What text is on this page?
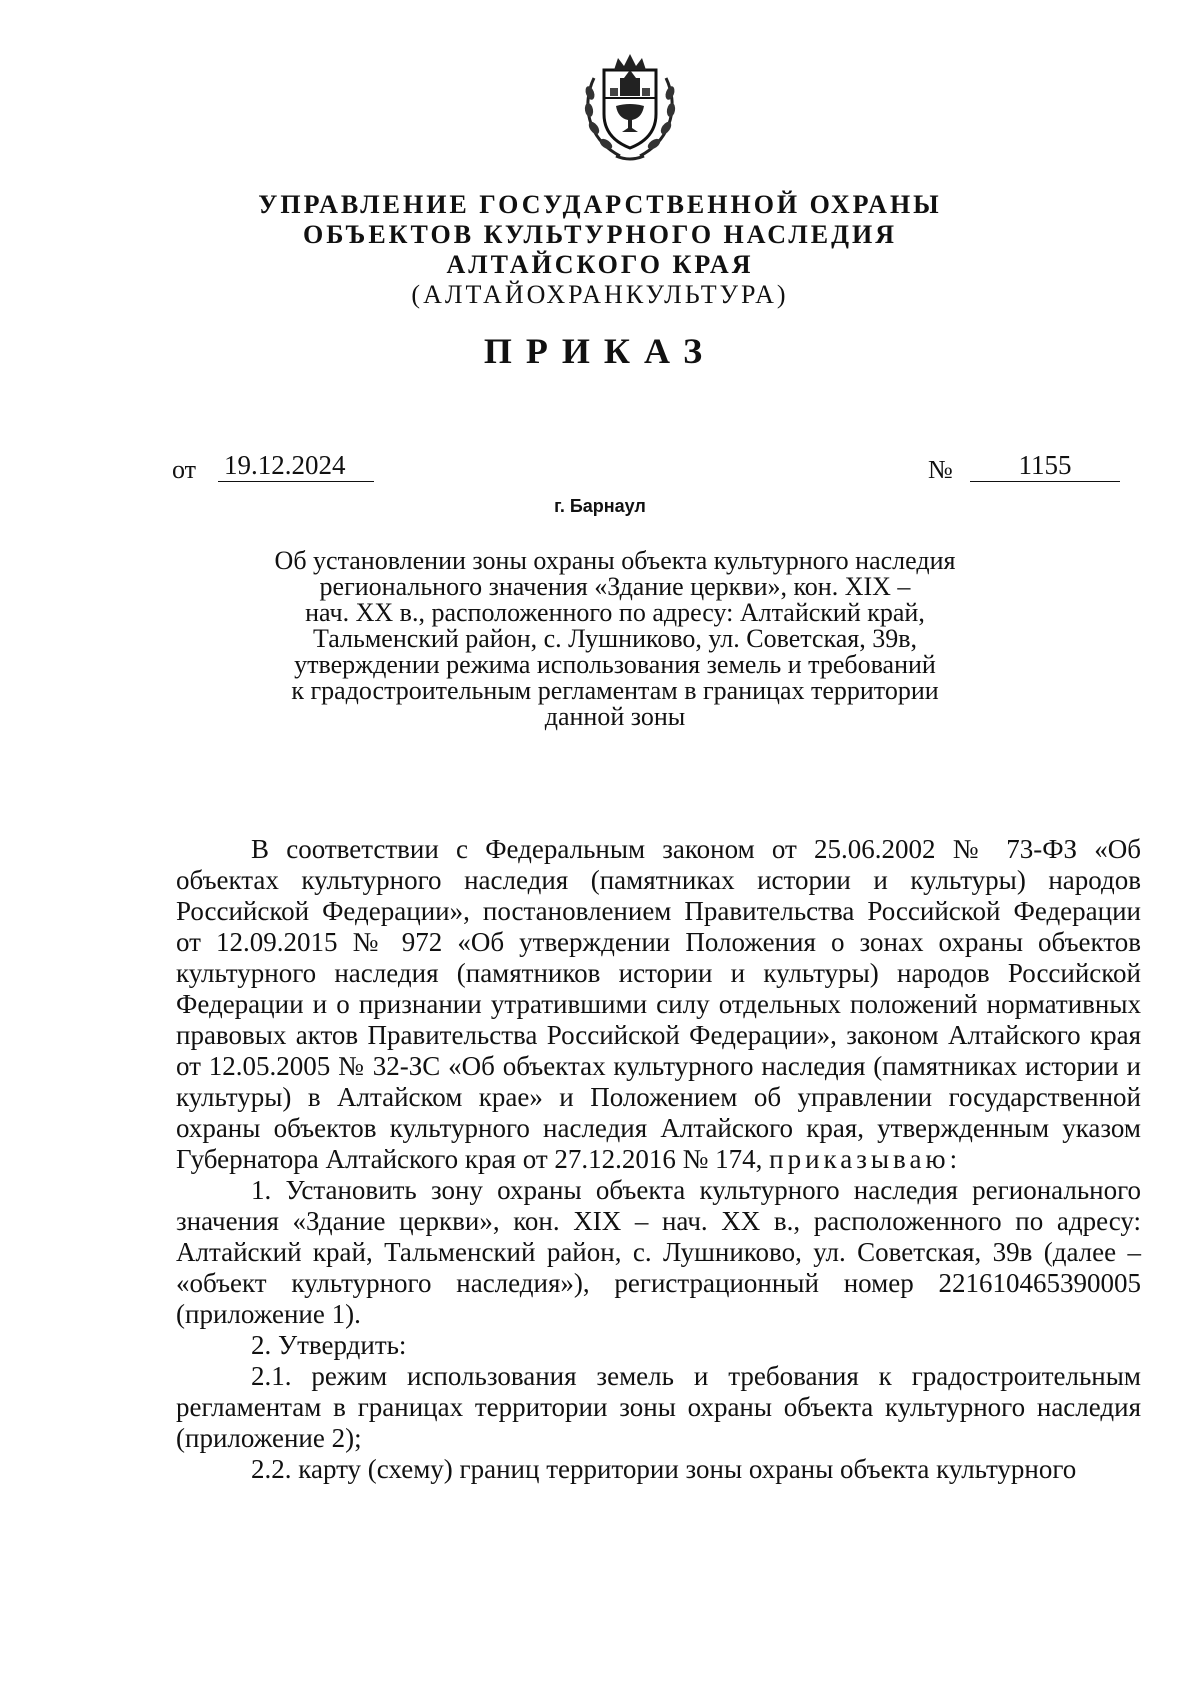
УПРАВЛЕНИЕ ГОСУДАРСТВЕННОЙ ОХРАНЫ
ОБЪЕКТОВ КУЛЬТУРНОГО НАСЛЕДИЯ
АЛТАЙСКОГО КРАЯ
(АЛТАЙОХРАНКУЛЬТУРА)
ПРИКАЗ
от 19.12.2024	№	1155
г. Барнаул
Об установлении зоны охраны объекта культурного наследия
регионального значения «Здание церкви», кон. XIX –
нач. XX в., расположенного по адресу: Алтайский край,
Тальменский район, с. Лушниково, ул. Советская, 39в,
утверждении режима использования земель и требований
к градостроительным регламентам в границах территории
данной зоны

В соответствии с Федеральным законом от 25.06.2002 № 73-ФЗ «Об объектах культурного наследия (памятниках истории и культуры) народов Российской Федерации», постановлением Правительства Российской Федерации от 12.09.2015 № 972 «Об утверждении Положения о зонах охраны объектов культурного наследия (памятников истории и культуры) народов Российской Федерации и о признании утратившими силу отдельных положений нормативных правовых актов Правительства Российской Федерации», законом Алтайского края от 12.05.2005 № 32-ЗС «Об объектах культурного наследия (памятниках истории и культуры) в Алтайском крае» и Положением об управлении государственной охраны объектов культурного наследия Алтайского края, утвержденным указом Губернатора Алтайского края от 27.12.2016 № 174, приказываю:

1. Установить зону охраны объекта культурного наследия регионального значения «Здание церкви», кон. XIX – нач. XX в., расположенного по адресу: Алтайский край, Тальменский район, с. Лушниково, ул. Советская, 39в (далее – «объект культурного наследия»), регистрационный номер 221610465390005 (приложение 1).

2. Утвердить:

2.1. режим использования земель и требования к градостроительным регламентам в границах территории зоны охраны объекта культурного наследия (приложение 2);

2.2. карту (схему) границ территории зоны охраны объекта культурного
